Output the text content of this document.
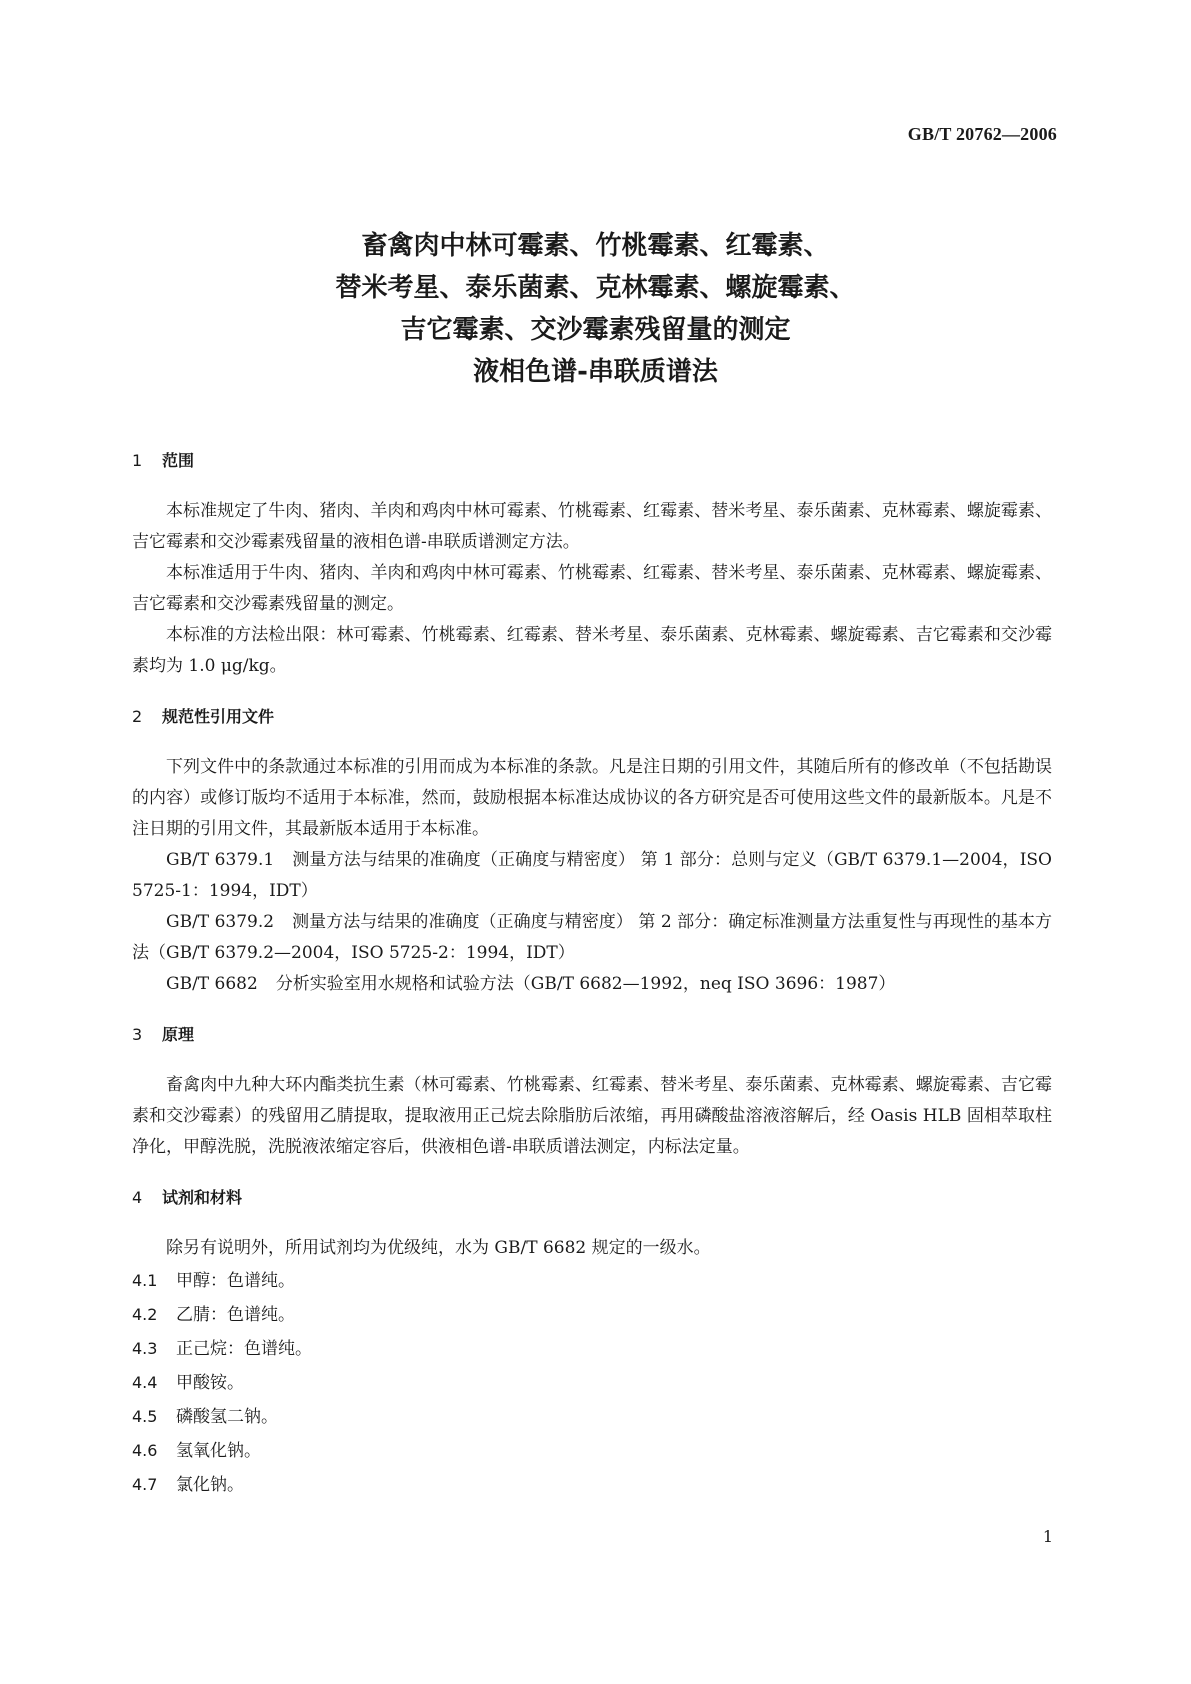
GB/T 20762—2006
畜禽肉中林可霉素、竹桃霉素、红霉素、
替米考星、泰乐菌素、克林霉素、螺旋霉素、
吉它霉素、交沙霉素残留量的测定
液相色谱-串联质谱法
1 范围

本标准规定了牛肉、猪肉、羊肉和鸡肉中林可霉素、竹桃霉素、红霉素、替米考星、泰乐菌素、克林霉素、螺旋霉素、吉它霉素和交沙霉素残留量的液相色谱-串联质谱测定方法。

本标准适用于牛肉、猪肉、羊肉和鸡肉中林可霉素、竹桃霉素、红霉素、替米考星、泰乐菌素、克林霉素、螺旋霉素、吉它霉素和交沙霉素残留量的测定。

本标准的方法检出限：林可霉素、竹桃霉素、红霉素、替米考星、泰乐菌素、克林霉素、螺旋霉素、吉它霉素和交沙霉素均为 1.0 μg/kg。

2 规范性引用文件

下列文件中的条款通过本标准的引用而成为本标准的条款。凡是注日期的引用文件，其随后所有的修改单（不包括勘误的内容）或修订版均不适用于本标准，然而，鼓励根据本标准达成协议的各方研究是否可使用这些文件的最新版本。凡是不注日期的引用文件，其最新版本适用于本标准。

GB/T 6379.1 测量方法与结果的准确度（正确度与精密度） 第 1 部分：总则与定义（GB/T 6379.1—2004，ISO 5725-1：1994，IDT）

GB/T 6379.2 测量方法与结果的准确度（正确度与精密度） 第 2 部分：确定标准测量方法重复性与再现性的基本方法（GB/T 6379.2—2004，ISO 5725-2：1994，IDT）

GB/T 6682 分析实验室用水规格和试验方法（GB/T 6682—1992，neq ISO 3696：1987）

3 原理

畜禽肉中九种大环内酯类抗生素（林可霉素、竹桃霉素、红霉素、替米考星、泰乐菌素、克林霉素、螺旋霉素、吉它霉素和交沙霉素）的残留用乙腈提取，提取液用正己烷去除脂肪后浓缩，再用磷酸盐溶液溶解后，经 Oasis HLB 固相萃取柱净化，甲醇洗脱，洗脱液浓缩定容后，供液相色谱-串联质谱法测定，内标法定量。

4 试剂和材料

除另有说明外，所用试剂均为优级纯，水为 GB/T 6682 规定的一级水。

4.1 甲醇：色谱纯。

4.2 乙腈：色谱纯。

4.3 正己烷：色谱纯。

4.4 甲酸铵。

4.5 磷酸氢二钠。

4.6 氢氧化钠。

4.7 氯化钠。

1
